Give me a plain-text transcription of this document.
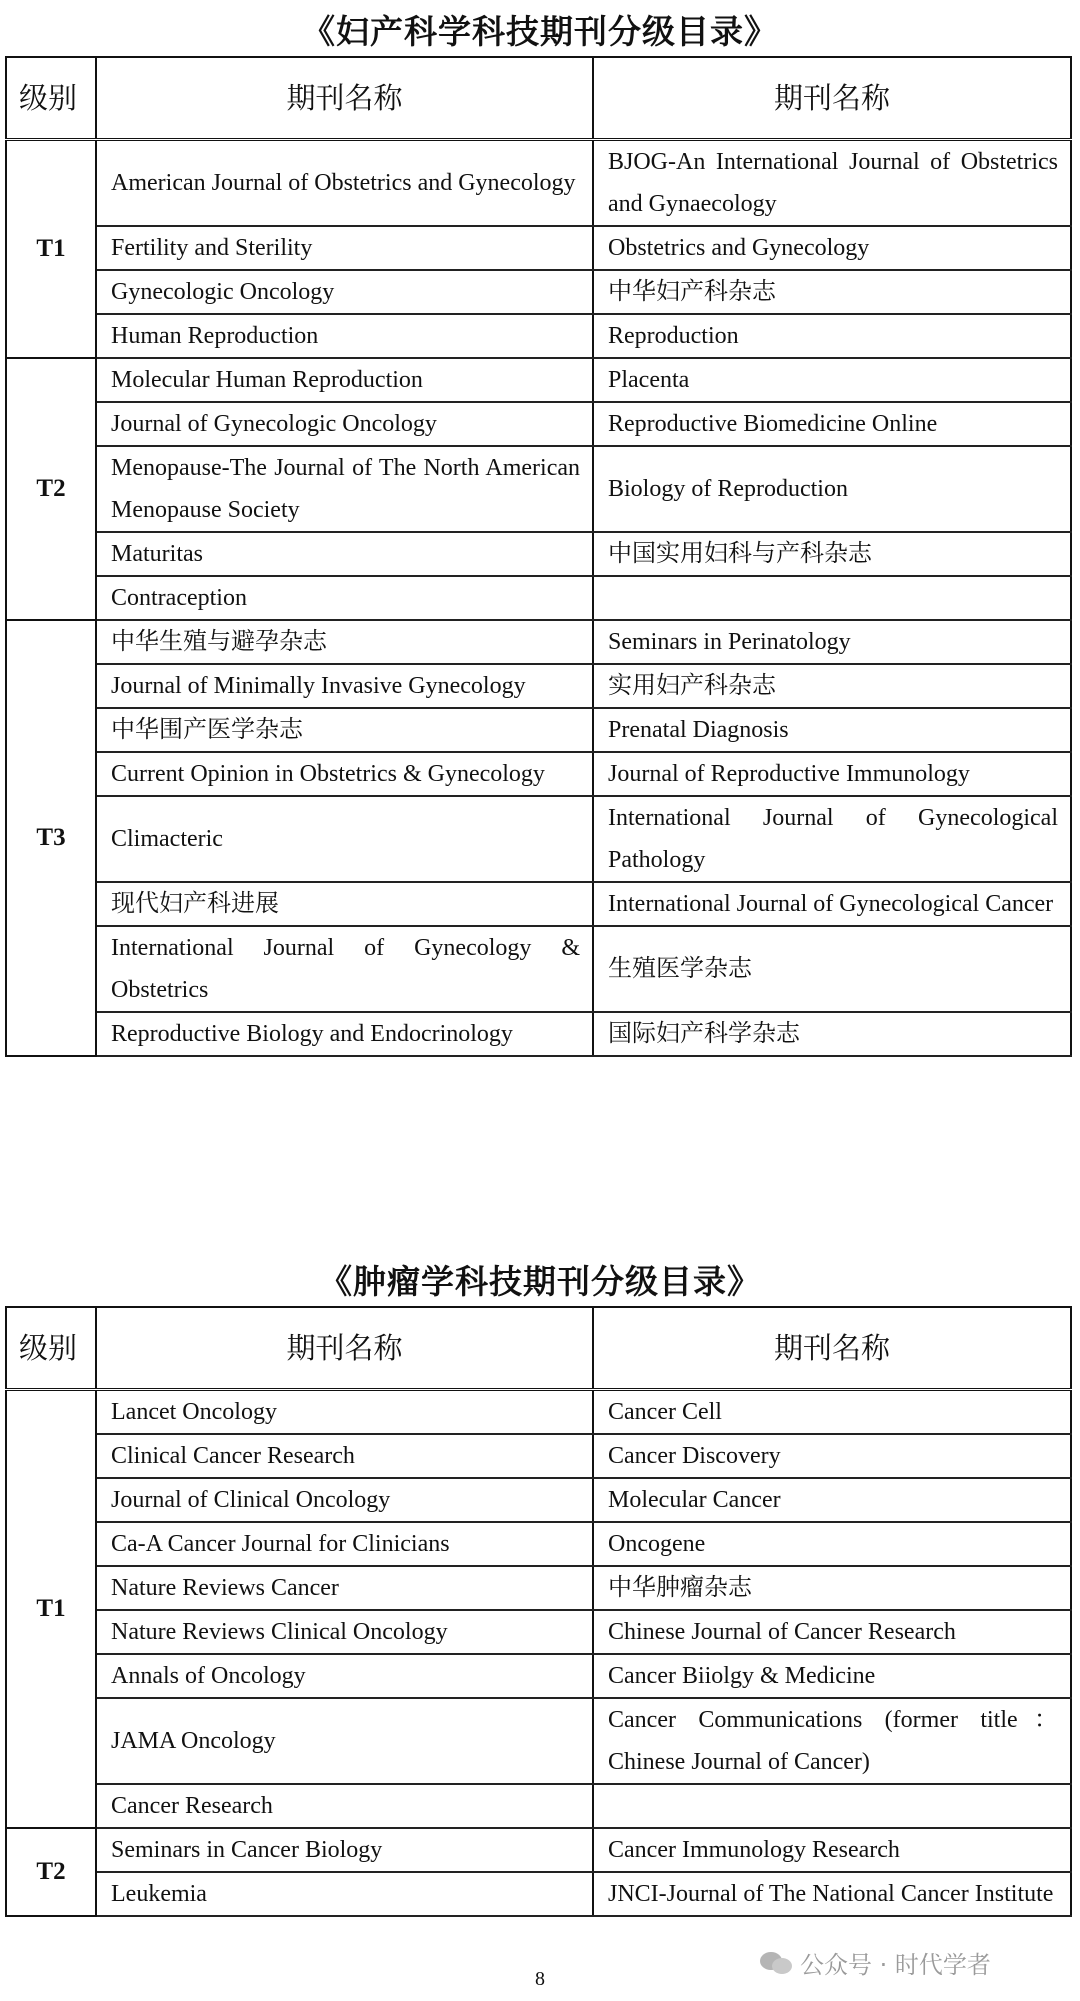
《妇产科学科技期刊分级目录》
级别	期刊名称	期刊名称
T1	American Journal of Obstetrics and Gynecology	BJOG-An International Journal of Obstetrics and Gynaecology
	Fertility and Sterility	Obstetrics and Gynecology
	Gynecologic Oncology	中华妇产科杂志
	Human Reproduction	Reproduction
T2	Molecular Human Reproduction	Placenta
	Journal of Gynecologic Oncology	Reproductive Biomedicine Online
	Menopause-The Journal of The North American Menopause Society	Biology of Reproduction
	Maturitas	中国实用妇科与产科杂志
	Contraception	
T3	中华生殖与避孕杂志	Seminars in Perinatology
	Journal of Minimally Invasive Gynecology	实用妇产科杂志
	中华围产医学杂志	Prenatal Diagnosis
	Current Opinion in Obstetrics & Gynecology	Journal of Reproductive Immunology
	Climacteric	International Journal of Gynecological Pathology
	现代妇产科进展	International Journal of Gynecological Cancer
	International Journal of Gynecology & Obstetrics	生殖医学杂志
	Reproductive Biology and Endocrinology	国际妇产科学杂志
《肿瘤学科技期刊分级目录》
级别	期刊名称	期刊名称
T1	Lancet Oncology	Cancer Cell
	Clinical Cancer Research	Cancer Discovery
	Journal of Clinical Oncology	Molecular Cancer
	Ca-A Cancer Journal for Clinicians	Oncogene
	Nature Reviews Cancer	中华肿瘤杂志
	Nature Reviews Clinical Oncology	Chinese Journal of Cancer Research
	Annals of Oncology	Cancer Biiolgy & Medicine
	JAMA Oncology	Cancer Communications (former title：Chinese Journal of Cancer)
	Cancer Research	
T2	Seminars in Cancer Biology	Cancer Immunology Research
	Leukemia	JNCI-Journal of The National Cancer Institute
8	公众号 · 时代学者
